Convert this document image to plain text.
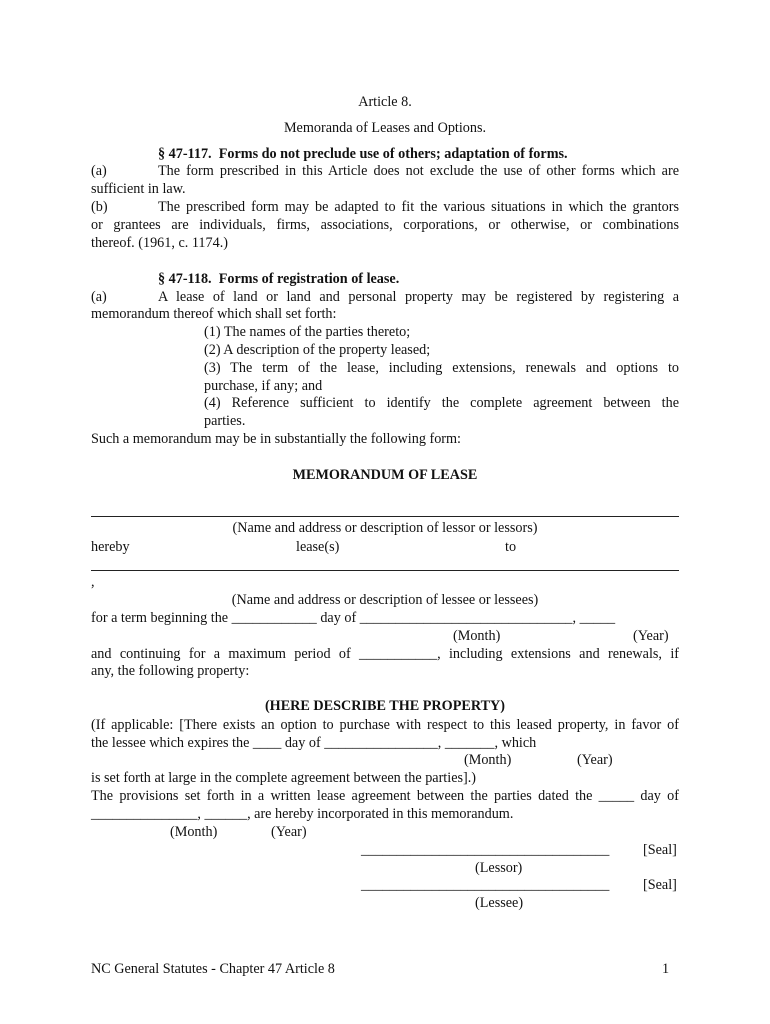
Article 8.
Memoranda of Leases and Options.
§ 47-117.  Forms do not preclude use of others; adaptation of forms.
(a)	The form prescribed in this Article does not exclude the use of other forms which are
sufficient in law.
(b)	The prescribed form may be adapted to fit the various situations in which the grantors
or grantees are individuals, firms, associations, corporations, or otherwise, or combinations
thereof. (1961, c. 1174.)
§ 47-118.  Forms of registration of lease.
(a)	A lease of land or land and personal property may be registered by registering a
memorandum thereof which shall set forth:
(1) The names of the parties thereto;
(2) A description of the property leased;
(3) The term of the lease, including extensions, renewals and options to
purchase, if any; and
(4) Reference sufficient to identify the complete agreement between the
parties.
Such a memorandum may be in substantially the following form:
MEMORANDUM OF LEASE
(Name and address or description of lessor or lessors)
hereby	lease(s)	to
,
(Name and address or description of lessee or lessees)
for a term beginning the ____________ day of ______________________________, _____
(Month)	(Year)
and continuing for a maximum period of ___________, including extensions and renewals, if
any, the following property:
(HERE DESCRIBE THE PROPERTY)
(If applicable: [There exists an option to purchase with respect to this leased property, in favor of
the lessee which expires the ____ day of ________________, _______, which
(Month)	(Year)
is set forth at large in the complete agreement between the parties].)
The provisions set forth in a written lease agreement between the parties dated the _____ day of
_______________, ______, are hereby incorporated in this memorandum.
(Month)	(Year)
___________________________________ [Seal]
(Lessor)
___________________________________ [Seal]
(Lessee)
NC General Statutes - Chapter 47 Article 8	1
